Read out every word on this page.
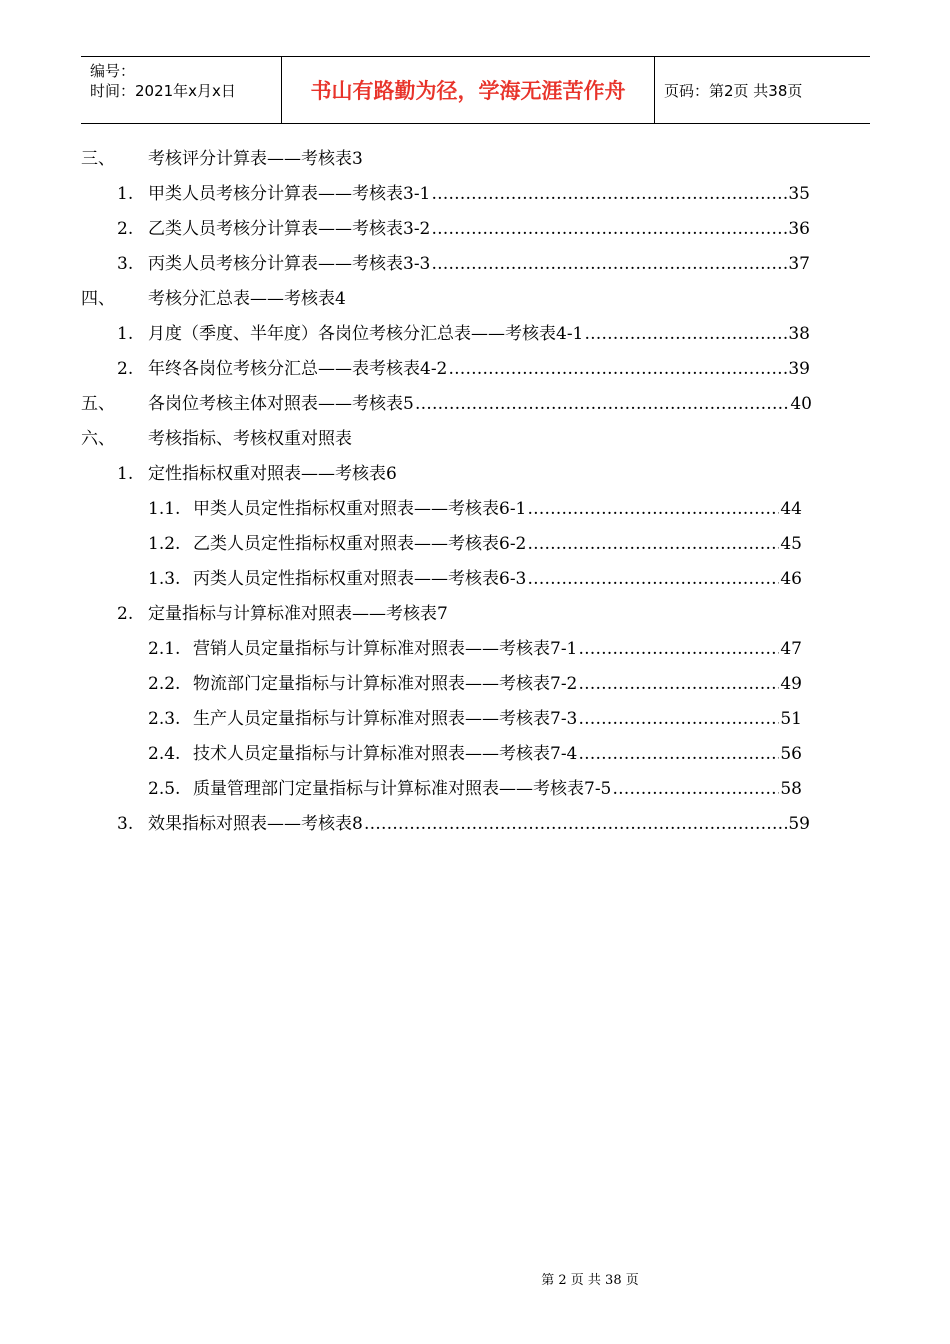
编号：
时间：2021年x月x日	书山有路勤为径，学海无涯苦作舟	页码：第2页 共38页
三、	考核评分计算表——考核表3
1. 甲类人员考核分计算表——考核表3-1 …………………………………………………………………………………………………………………………………………………………………………………………	35
2. 乙类人员考核分计算表——考核表3-2 …………………………………………………………………………………………………………………………………………………………………………………………	36
3. 丙类人员考核分计算表——考核表3-3 …………………………………………………………………………………………………………………………………………………………………………………………	37
四、	考核分汇总表——考核表4
1. 月度（季度、半年度）各岗位考核分汇总表——考核表4-1 …………………………………………………………………………………………………………………………………………………………………………………………	38
2. 年终各岗位考核分汇总——表考核表4-2 …………………………………………………………………………………………………………………………………………………………………………………………	39
五、	各岗位考核主体对照表——考核表5 …………………………………………………………………………………………………………………………………………………………………………………………	40
六、	考核指标、考核权重对照表
1. 定性指标权重对照表——考核表6
1.1. 甲类人员定性指标权重对照表——考核表6-1 …………………………………………………………………………………………………………………………………………………………………………………………	44
1.2. 乙类人员定性指标权重对照表——考核表6-2 …………………………………………………………………………………………………………………………………………………………………………………………	45
1.3. 丙类人员定性指标权重对照表——考核表6-3 …………………………………………………………………………………………………………………………………………………………………………………………	46
2. 定量指标与计算标准对照表——考核表7
2.1. 营销人员定量指标与计算标准对照表——考核表7-1 …………………………………………………………………………………………………………………………………………………………………………………………	47
2.2. 物流部门定量指标与计算标准对照表——考核表7-2 …………………………………………………………………………………………………………………………………………………………………………………………	49
2.3. 生产人员定量指标与计算标准对照表——考核表7-3 …………………………………………………………………………………………………………………………………………………………………………………………	51
2.4. 技术人员定量指标与计算标准对照表——考核表7-4 …………………………………………………………………………………………………………………………………………………………………………………………	56
2.5. 质量管理部门定量指标与计算标准对照表——考核表7-5 …………………………………………………………………………………………………………………………………………………………………………………………	58
3. 效果指标对照表——考核表8 …………………………………………………………………………………………………………………………………………………………………………………………	59
第 2 页 共 38 页
